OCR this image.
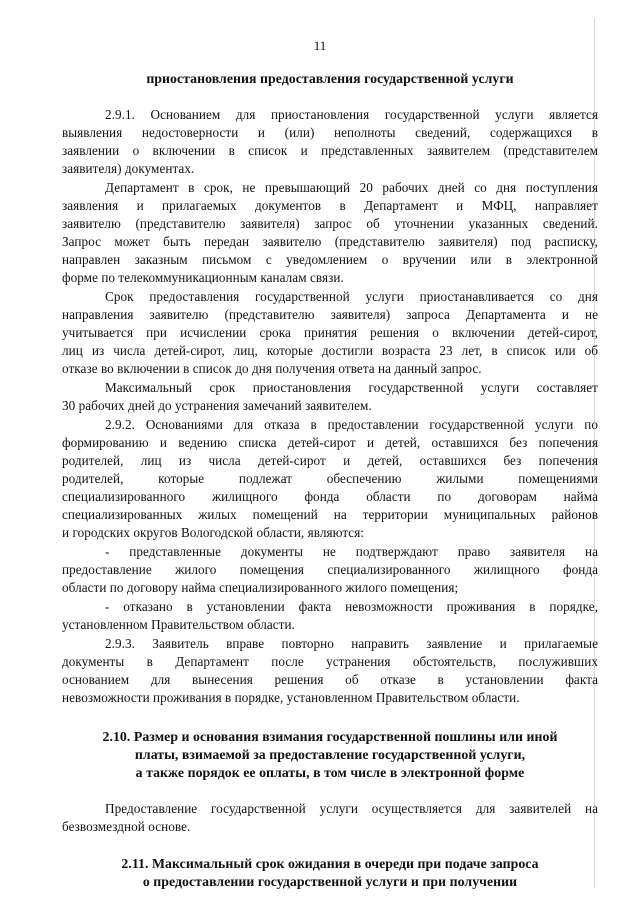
11
приостановления предоставления государственной услуги
2.9.1. Основанием для приостановления государственной услуги является
выявления недостоверности и (или) неполноты сведений, содержащихся в
заявлении о включении в список и представленных заявителем (представителем
заявителя) документах.
Департамент в срок, не превышающий 20 рабочих дней со дня поступления
заявления и прилагаемых документов в Департамент и МФЦ, направляет
заявителю (представителю заявителя) запрос об уточнении указанных сведений.
Запрос может быть передан заявителю (представителю заявителя) под расписку,
направлен заказным письмом с уведомлением о вручении или в электронной
форме по телекоммуникационным каналам связи.
Срок предоставления государственной услуги приостанавливается со дня
направления заявителю (представителю заявителя) запроса Департамента и не
учитывается при исчислении срока принятия решения о включении детей-сирот,
лиц из числа детей-сирот, лиц, которые достигли возраста 23 лет, в список или об
отказе во включении в список до дня получения ответа на данный запрос.
Максимальный срок приостановления государственной услуги составляет
30 рабочих дней до устранения замечаний заявителем.
2.9.2. Основаниями для отказа в предоставлении государственной услуги по
формированию и ведению списка детей-сирот и детей, оставшихся без попечения
родителей, лиц из числа детей-сирот и детей, оставшихся без попечения
родителей, которые подлежат обеспечению жилыми помещениями
специализированного жилищного фонда области по договорам найма
специализированных жилых помещений на территории муниципальных районов
и городских округов Вологодской области, являются:
- представленные документы не подтверждают право заявителя на
предоставление жилого помещения специализированного жилищного фонда
области по договору найма специализированного жилого помещения;
- отказано в установлении факта невозможности проживания в порядке,
установленном Правительством области.
2.9.3. Заявитель вправе повторно направить заявление и прилагаемые
документы в Департамент после устранения обстоятельств, послуживших
основанием для вынесения решения об отказе в установлении факта
невозможности проживания в порядке, установленном Правительством области.
2.10. Размер и основания взимания государственной пошлины или иной
платы, взимаемой за предоставление государственной услуги,
а также порядок ее оплаты, в том числе в электронной форме
Предоставление государственной услуги осуществляется для заявителей на
безвозмездной основе.
2.11. Максимальный срок ожидания в очереди при подаче запроса
о предоставлении государственной услуги и при получении
